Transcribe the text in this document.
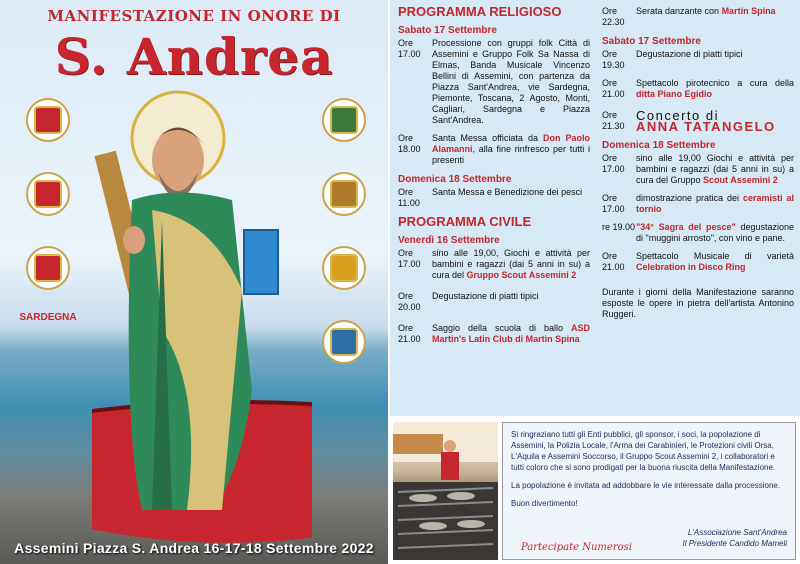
MANIFESTAZIONE IN ONORE DI
S. Andrea
SARDEGNA
Assemini Piazza S. Andrea 16-17-18 Settembre 2022
PROGRAMMA RELIGIOSO
Sabato 17 Settembre
Ore 17.00
Processione con gruppi folk Città di Assemini e Gruppo Folk Sa Nassa di Elmas, Banda Musicale Vincenzo Bellini di Assemini, con partenza da Piazza Sant'Andrea, vie Sardegna, Piemonte, Toscana, 2 Agosto, Monti, Cagliari, Sardegna e Piazza Sant'Andrea.
Ore 18.00
Santa Messa officiata da Don Paolo Alamanni, alla fine rinfresco per tutti i presenti
Domenica 18 Settembre
Ore 11.00
Santa Messa e Benedizione dei pesci
PROGRAMMA CIVILE
Venerdì 16 Settembre
Ore 17.00
sino alle 19,00, Giochi e attività per bambini e ragazzi (dai 5 anni in su) a cura del Gruppo Scout Assemini 2
Ore 20.00
Degustazione di piatti tipici
Ore 21.00
Saggio della scuola di ballo ASD Martin's Latin Club di Martin Spina
Ore 22.30
Serata danzante con Martin Spina
Sabato 17 Settembre
Ore 19.30
Degustazione di piatti tipici
Ore 21.00
Spettacolo pirotecnico a cura della ditta Piano Egidio
Ore 21.30
Concerto di
ANNA TATANGELO
Domenica 18 Settembre
Ore 17.00
sino alle 19,00 Giochi e attività per bambini e ragazzi (dai 5 anni in su) a cura del Gruppo Scout Assemini 2
Ore 17.00
dimostrazione pratica dei ceramisti al tornio
re 19.00 "34° Sagra del pesce" degustazione di "muggini arrosto", con vino e pane.
Ore 21.00
Spettacolo Musicale di varietà Celebration in Disco Ring
Durante i giorni della Manifestazione saranno esposte le opere in pietra dell'artista Antonino Ruggeri.

Si ringraziano tutti gli Enti pubblici, gli sponsor, i soci, la popolazione di Assemini, la Polizia Locale, l'Arma dei Carabinieri, le Protezioni civili Orsa, L'Aquila e Assemini Soccorso, il Gruppo Scout Assemini 2, i collaboratori e tutti coloro che si sono prodigati per la buona riuscita della Manifestazione.

La popolazione è invitata ad addobbare le vie interessate dalla processione.

Buon divertimento!

Partecipate Numerosi
L'Associazione Sant'Andrea
Il Presidente Candido Mameli
